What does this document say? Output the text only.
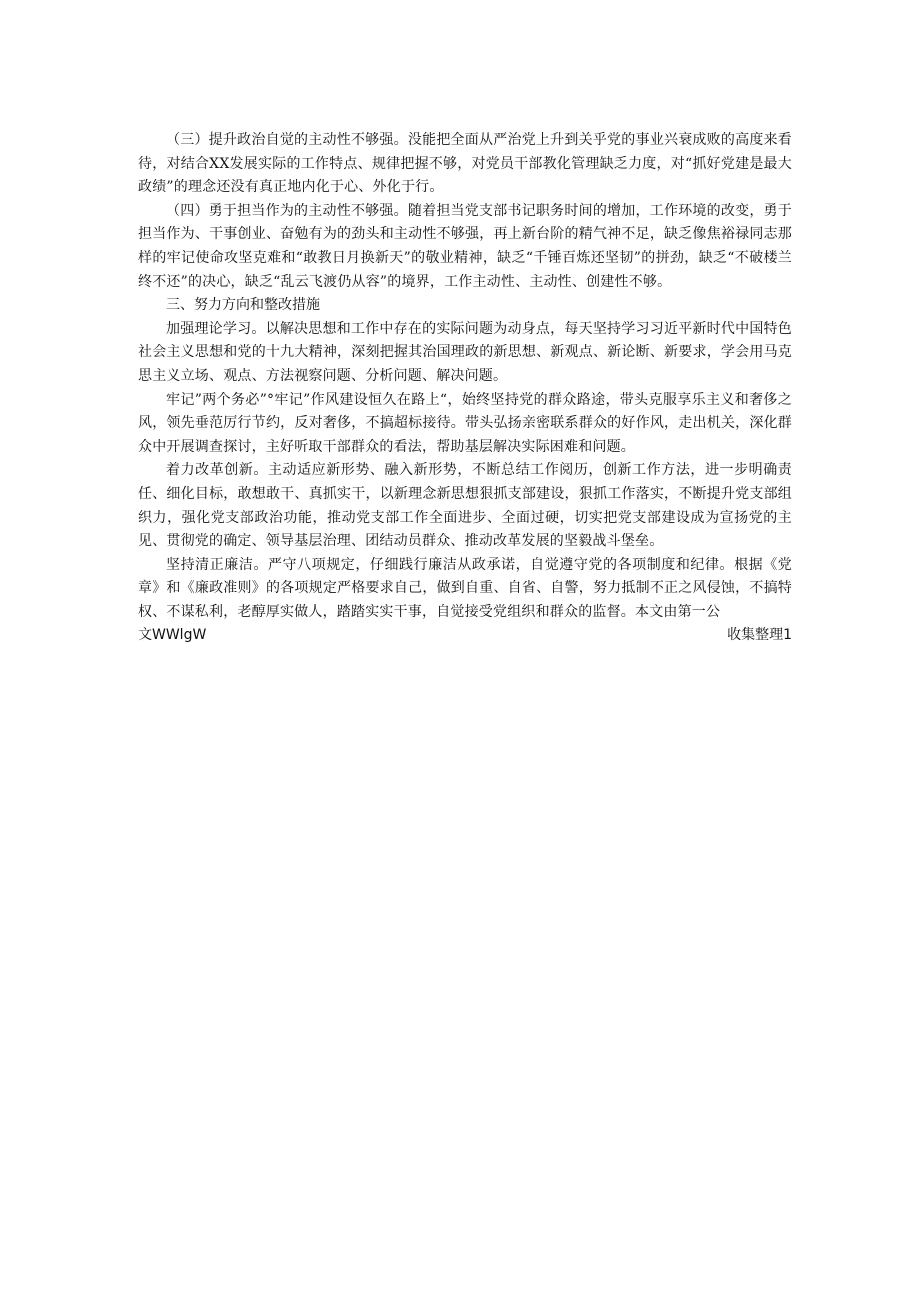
（三）提升政治自觉的主动性不够强。没能把全面从严治党上升到关乎党的事业兴衰成败的高度来看待，对结合XX发展实际的工作特点、规律把握不够，对党员干部教化管理缺乏力度，对“抓好党建是最大政绩”的理念还没有真正地内化于心、外化于行。

（四）勇于担当作为的主动性不够强。随着担当党支部书记职务时间的增加，工作环境的改变，勇于担当作为、干事创业、奋勉有为的劲头和主动性不够强，再上新台阶的精气神不足，缺乏像焦裕禄同志那样的牢记使命攻坚克难和“敢教日月换新天”的敬业精神，缺乏“千锤百炼还坚韧”的拼劲，缺乏“不破楼兰终不还”的决心，缺乏“乱云飞渡仍从容”的境界，工作主动性、主动性、创建性不够。

三、努力方向和整改措施

加强理论学习。以解决思想和工作中存在的实际问题为动身点，每天坚持学习习近平新时代中国特色社会主义思想和党的十九大精神，深刻把握其治国理政的新思想、新观点、新论断、新要求，学会用马克思主义立场、观点、方法视察问题、分析问题、解决问题。

牢记”两个务必”°牢记”作风建设恒久在路上“，始终坚持党的群众路途，带头克服享乐主义和奢侈之风，领先垂范厉行节约，反对奢侈，不搞超标接待。带头弘扬亲密联系群众的好作风，走出机关，深化群众中开展调查探讨，主好听取干部群众的看法，帮助基层解决实际困难和问题。

着力改革创新。主动适应新形势、融入新形势，不断总结工作阅历，创新工作方法，进一步明确责任、细化目标，敢想敢干、真抓实干，以新理念新思想狠抓支部建设，狠抓工作落实，不断提升党支部组织力，强化党支部政治功能，推动党支部工作全面进步、全面过硬，切实把党支部建设成为宣扬党的主见、贯彻党的确定、领导基层治理、团结动员群众、推动改革发展的坚毅战斗堡垒。

坚持清正廉洁。严守八项规定，仔细践行廉洁从政承诺，自觉遵守党的各项制度和纪律。根据《党章》和《廉政准则》的各项规定严格要求自己，做到自重、自省、自警，努力抵制不正之风侵蚀，不搞特权、不谋私利，老醇厚实做人，踏踏实实干事，自觉接受党组织和群众的监督。本文由第一公

文WWlgW	收集整理1
